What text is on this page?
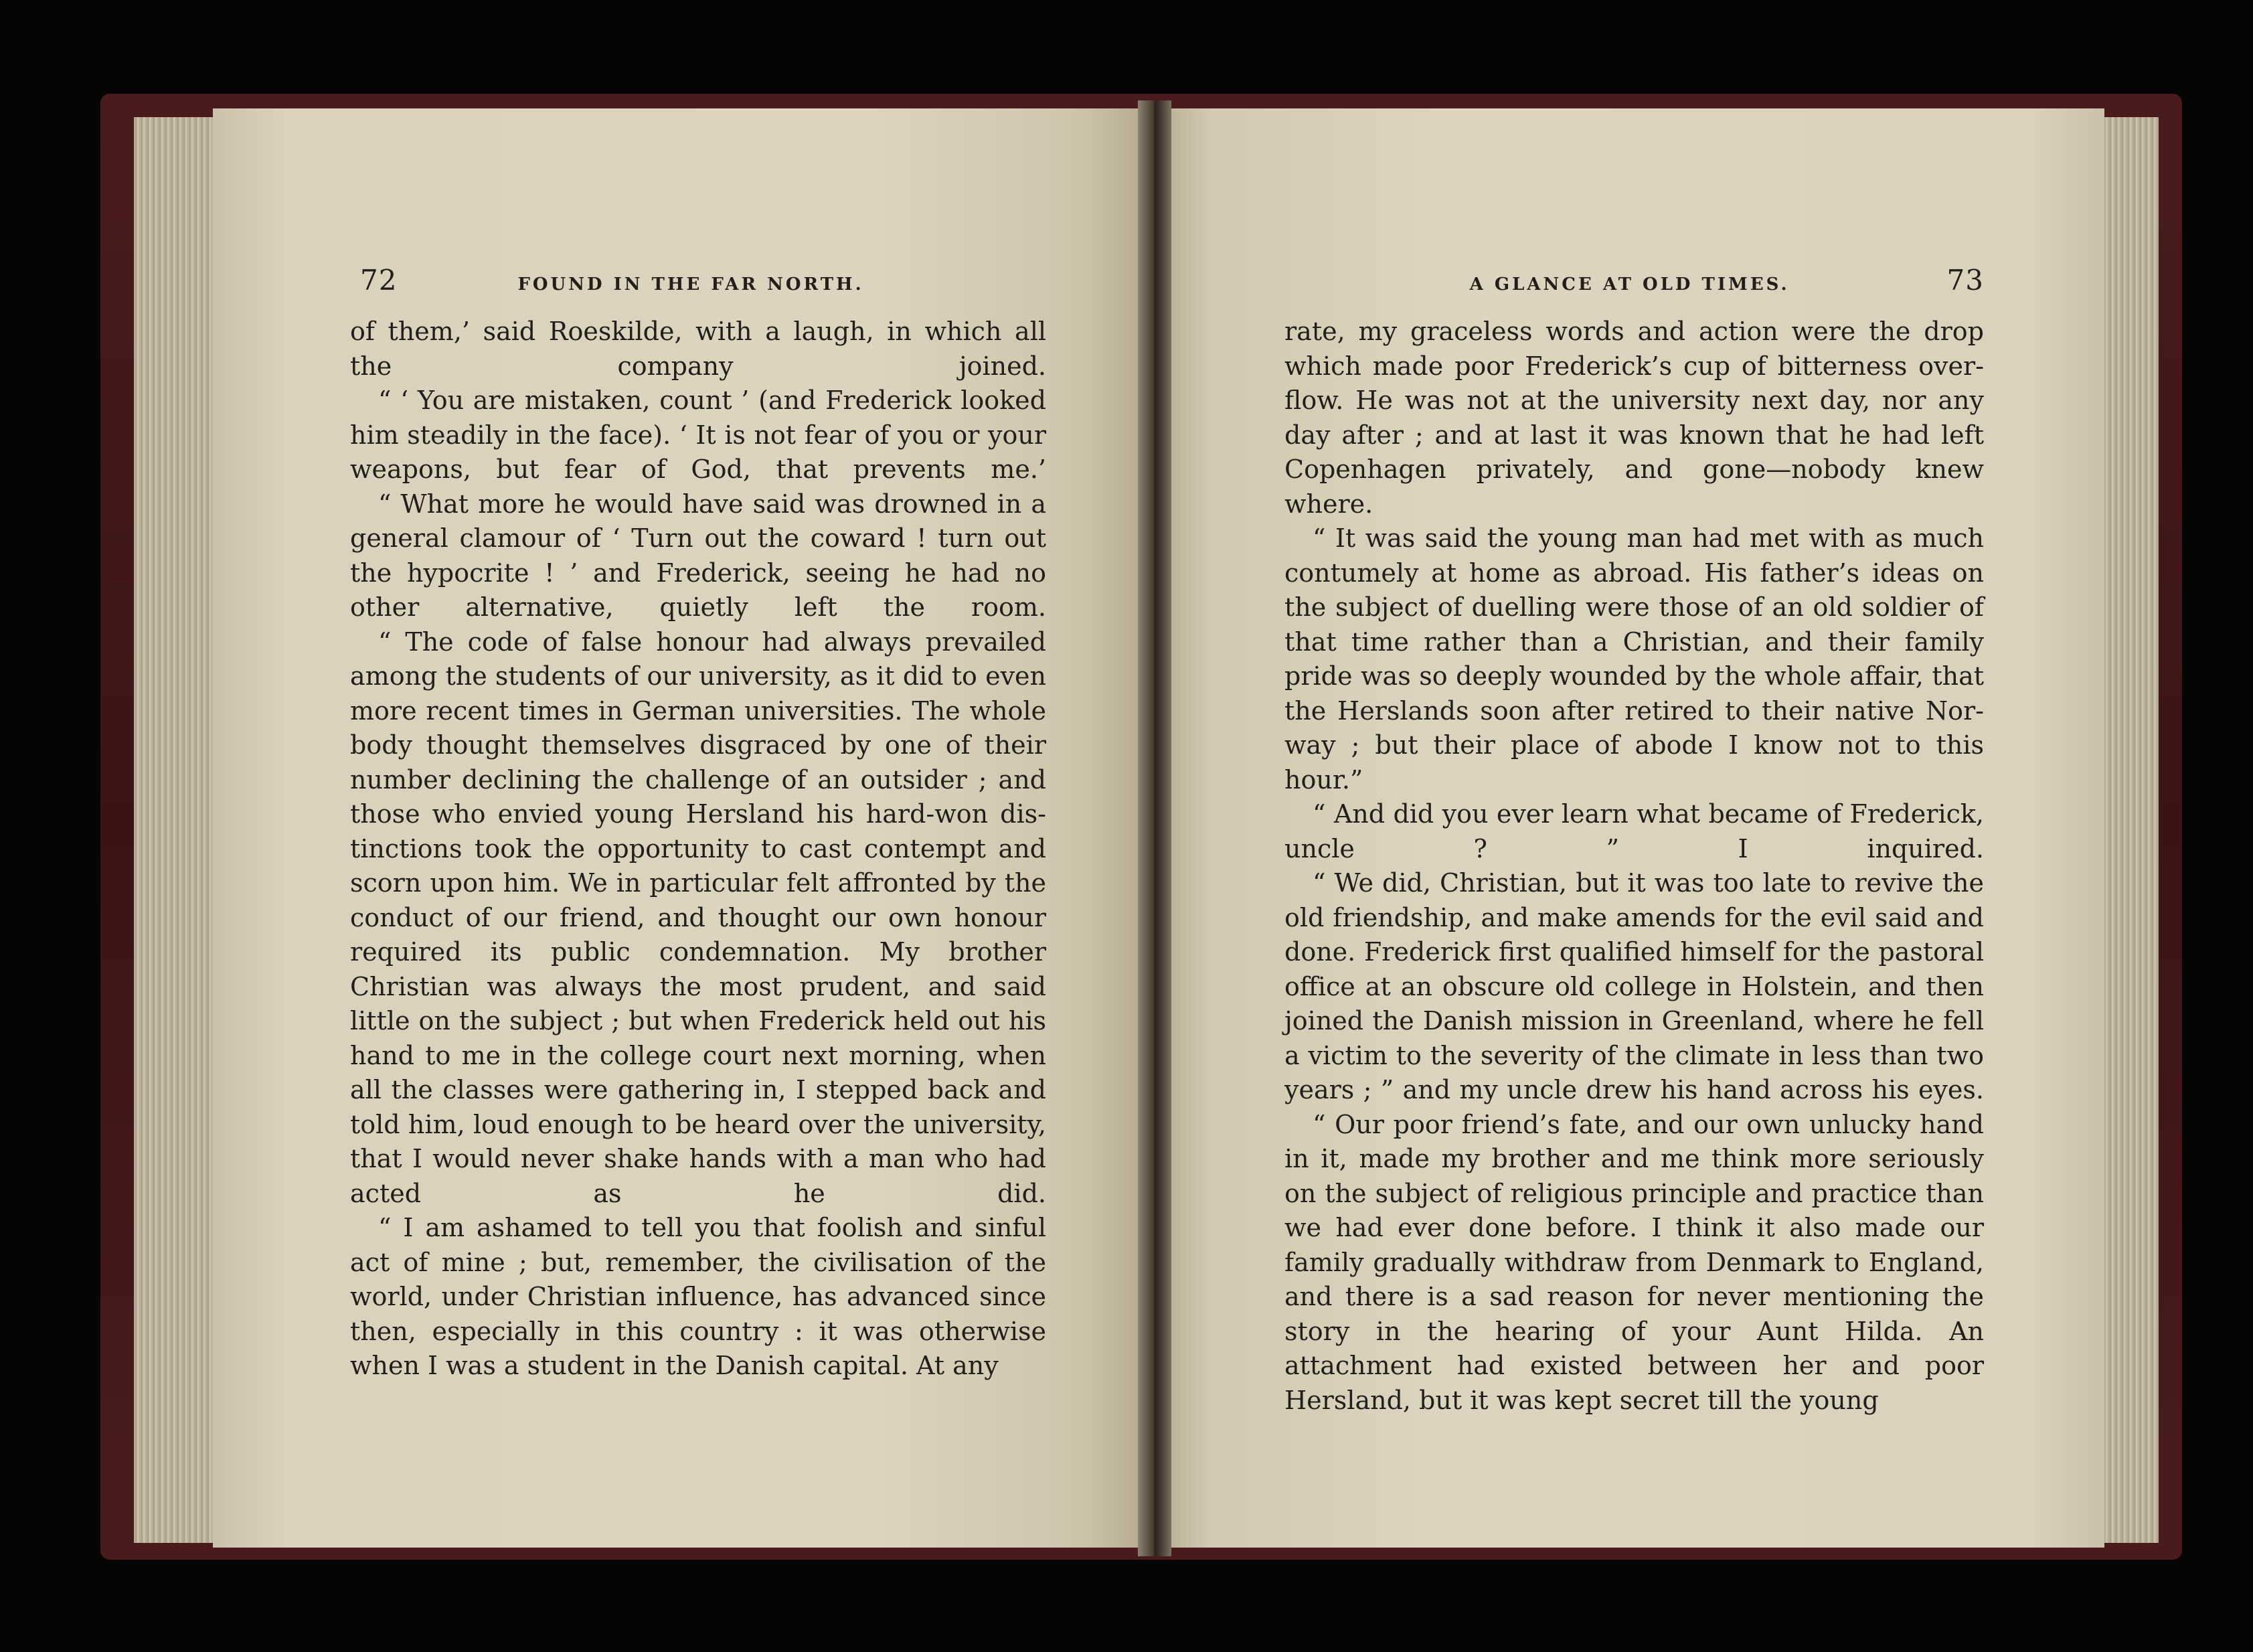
72	FOUND IN THE FAR NORTH.

of them,’ said Roeskilde, with a laugh, in which all the company joined.

“ ‘ You are mistaken, count ’ (and Frederick looked him steadily in the face). ‘ It is not fear of you or your weapons, but fear of God, that prevents me.’

“ What more he would have said was drowned in a general clamour of ‘ Turn out the coward ! turn out the hypocrite ! ’ and Frederick, seeing he had no other alternative, quietly left the room.

“ The code of false honour had always prevailed among the students of our university, as it did to even more recent times in German universities. The whole body thought themselves disgraced by one of their number declining the challenge of an outsider ; and those who envied young Hersland his hard-won distinctions took the opportunity to cast contempt and scorn upon him. We in particular felt affronted by the conduct of our friend, and thought our own honour required its public condemnation. My brother Christian was always the most prudent, and said little on the subject ; but when Frederick held out his hand to me in the college court next morning, when all the classes were gathering in, I stepped back and told him, loud enough to be heard over the university, that I would never shake hands with a man who had acted as he did.

“ I am ashamed to tell you that foolish and sinful act of mine ; but, remember, the civilisation of the world, under Christian influence, has advanced since then, especially in this country : it was otherwise when I was a student in the Danish capital. At any

A GLANCE AT OLD TIMES.	73

rate, my graceless words and action were the drop which made poor Frederick’s cup of bitterness overflow. He was not at the university next day, nor any day after ; and at last it was known that he had left Copenhagen privately, and gone—nobody knew where.

“ It was said the young man had met with as much contumely at home as abroad. His father’s ideas on the subject of duelling were those of an old soldier of that time rather than a Christian, and their family pride was so deeply wounded by the whole affair, that the Herslands soon after retired to their native Norway ; but their place of abode I know not to this hour.”

“ And did you ever learn what became of Frederick, uncle ? ” I inquired.

“ We did, Christian, but it was too late to revive the old friendship, and make amends for the evil said and done. Frederick first qualified himself for the pastoral office at an obscure old college in Holstein, and then joined the Danish mission in Greenland, where he fell a victim to the severity of the climate in less than two years ; ” and my uncle drew his hand across his eyes.

“ Our poor friend’s fate, and our own unlucky hand in it, made my brother and me think more seriously on the subject of religious principle and practice than we had ever done before. I think it also made our family gradually withdraw from Denmark to England, and there is a sad reason for never mentioning the story in the hearing of your Aunt Hilda. An attachment had existed between her and poor Hersland, but it was kept secret till the young
